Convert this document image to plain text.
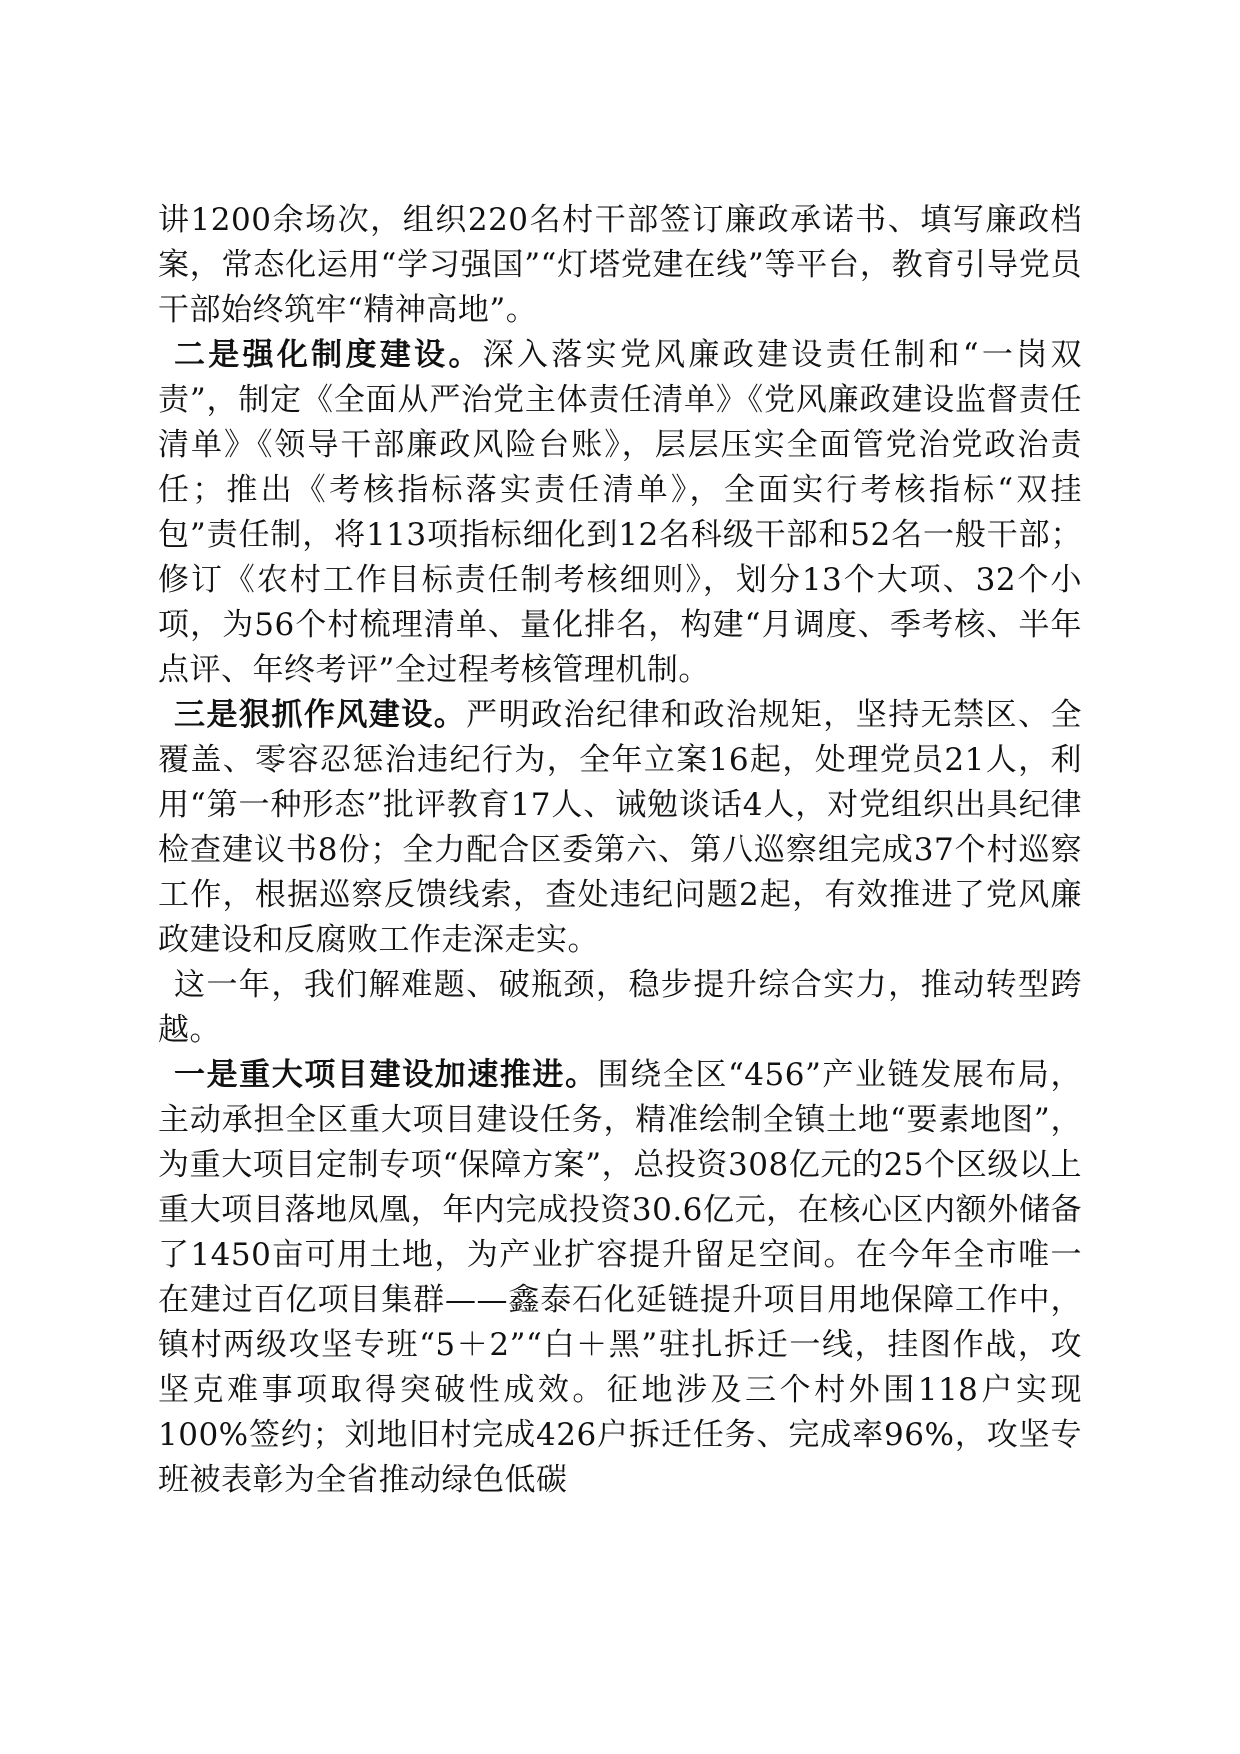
讲1200余场次，组织220名村干部签订廉政承诺书、填写廉政档案，常态化运用“学习强国”“灯塔党建在线”等平台，教育引导党员干部始终筑牢“精神高地”。

二是强化制度建设。深入落实党风廉政建设责任制和“一岗双责”，制定《全面从严治党主体责任清单》《党风廉政建设监督责任清单》《领导干部廉政风险台账》，层层压实全面管党治党政治责任；推出《考核指标落实责任清单》，全面实行考核指标“双挂包”责任制，将113项指标细化到12名科级干部和52名一般干部；修订《农村工作目标责任制考核细则》，划分13个大项、32个小项，为56个村梳理清单、量化排名，构建“月调度、季考核、半年点评、年终考评”全过程考核管理机制。

三是狠抓作风建设。严明政治纪律和政治规矩，坚持无禁区、全覆盖、零容忍惩治违纪行为，全年立案16起，处理党员21人，利用“第一种形态”批评教育17人、诫勉谈话4人，对党组织出具纪律检查建议书8份；全力配合区委第六、第八巡察组完成37个村巡察工作，根据巡察反馈线索，查处违纪问题2起，有效推进了党风廉政建设和反腐败工作走深走实。

这一年，我们解难题、破瓶颈，稳步提升综合实力，推动转型跨越。

一是重大项目建设加速推进。围绕全区“456”产业链发展布局，主动承担全区重大项目建设任务，精准绘制全镇土地“要素地图”，为重大项目定制专项“保障方案”，总投资308亿元的25个区级以上重大项目落地凤凰，年内完成投资30.6亿元，在核心区内额外储备了1450亩可用土地，为产业扩容提升留足空间。在今年全市唯一在建过百亿项目集群——鑫泰石化延链提升项目用地保障工作中，镇村两级攻坚专班“5＋2”“白＋黑”驻扎拆迁一线，挂图作战，攻坚克难事项取得突破性成效。征地涉及三个村外围118户实现100%签约；刘地旧村完成426户拆迁任务、完成率96%，攻坚专班被表彰为全省推动绿色低碳
